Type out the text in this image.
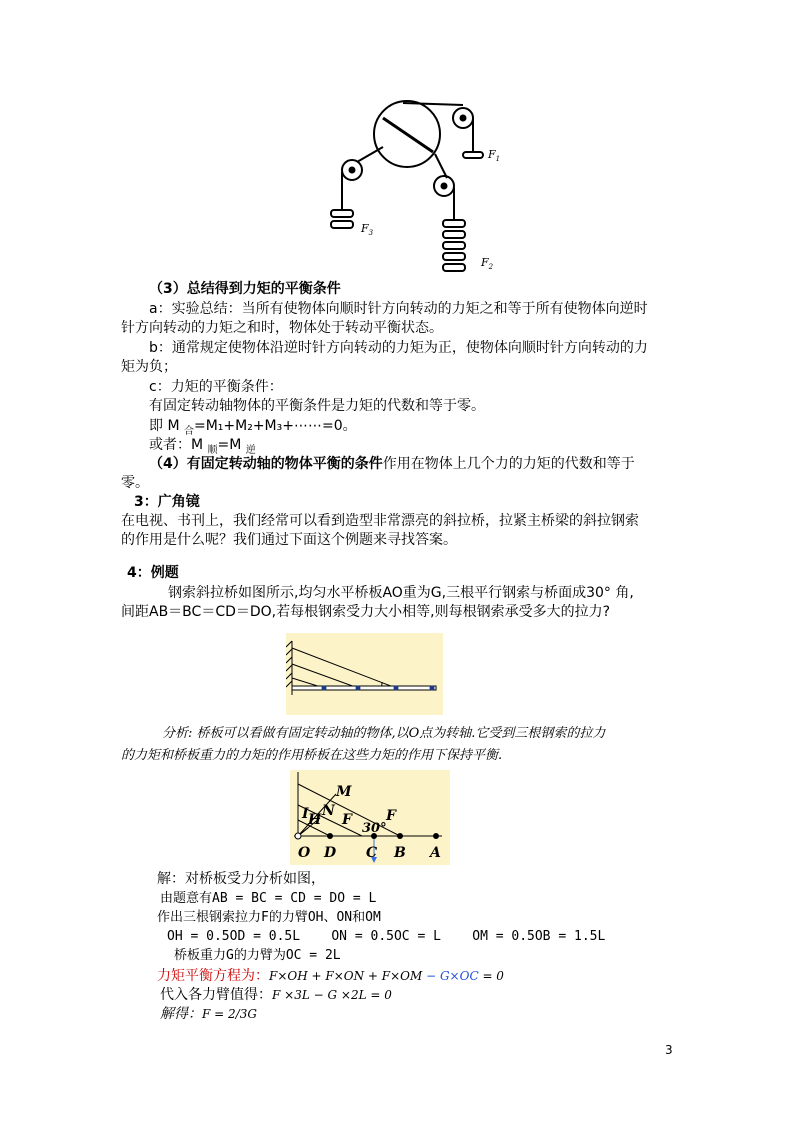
$F_1$
$F_3$
$F_2$
（3）总结得到力矩的平衡条件
a：实验总结：当所有使物体向顺时针方向转动的力矩之和等于所有使物体向逆时
针方向转动的力矩之和时，物体处于转动平衡状态。
b：通常规定使物体沿逆时针方向转动的力矩为正，使物体向顺时针方向转动的力
矩为负；
c：力矩的平衡条件：
有固定转动轴物体的平衡条件是力矩的代数和等于零。
即 M $_合$=M₁+M₂+M₃+⋯⋯=0。
或者：M $_顺$=M $_逆$
（4）有固定转动轴的物体平衡的条件作用在物体上几个力的力矩的代数和等于
零。
3：广角镜
在电视、书刊上，我们经常可以看到造型非常漂亮的斜拉桥，拉紧主桥梁的斜拉钢索
的作用是什么呢？我们通过下面这个例题来寻找答案。
4：例题
钢索斜拉桥如图所示,均匀水平桥板AO重为G,三根平行钢索与桥面成30° 角,
间距AB＝BC＝CD＝DO,若每根钢索受力大小相等,则每根钢索承受多大的拉力?
分析: 桥板可以看做有固定转动轴的物体,以O点为转轴.它受到三根钢索的拉力
的力矩和桥板重力的力矩的作用桥板在这些力矩的作用下保持平衡.
M
N
I H F F
30°
O D C B A
解：对桥板受力分析如图，
由题意有AB = BC = CD = DO = L
作出三根钢索拉力F的力臂OH、ON和OM
OH = 0.5OD = 0.5L    ON = 0.5OC = L    OM = 0.5OB = 1.5L
桥板重力G的力臂为OC = 2L
力矩平衡方程为：F×OH + F×ON + F×OM − G×OC = 0
代入各力臂值得：F ×3L − G ×2L = 0
解得：F = 2/3G
3
